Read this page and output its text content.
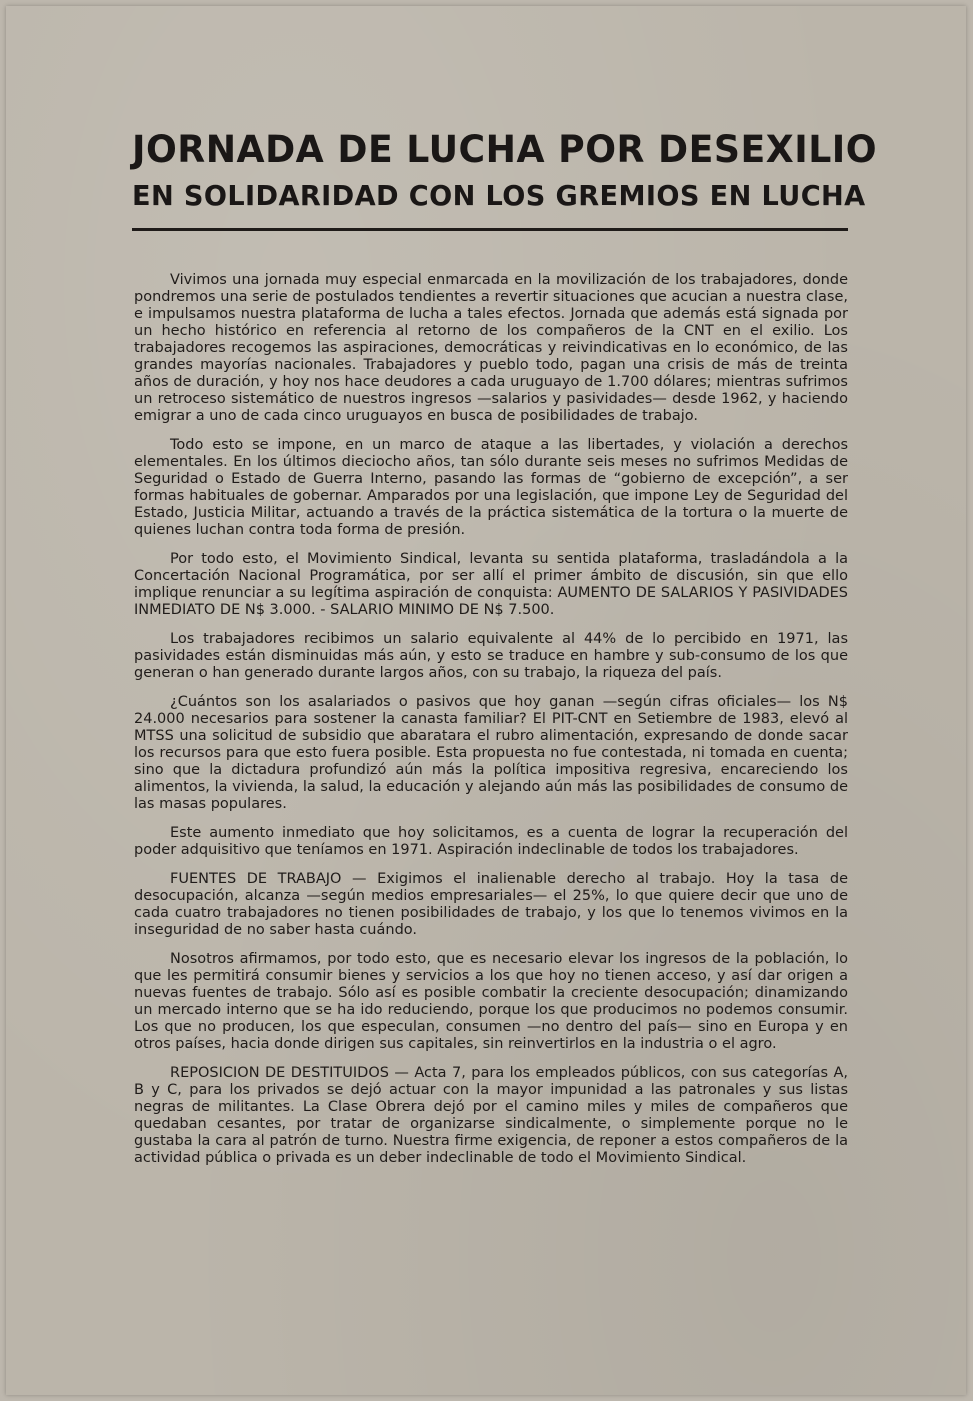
JORNADA DE LUCHA POR DESEXILIO
EN SOLIDARIDAD CON LOS GREMIOS EN LUCHA

Vivimos una jornada muy especial enmarcada en la movilización de los trabajadores, donde pondremos una serie de postulados tendientes a revertir situaciones que acucian a nuestra clase, e impulsamos nuestra plataforma de lucha a tales efectos. Jornada que además está signada por un hecho histórico en referencia al retorno de los compañeros de la CNT en el exilio. Los trabajadores recogemos las aspiraciones, democráticas y reivindicativas en lo económico, de las grandes mayorías nacionales. Trabajadores y pueblo todo, pagan una crisis de más de treinta años de duración, y hoy nos hace deudores a cada uruguayo de 1.700 dólares; mientras sufrimos un retroceso sistemático de nuestros ingresos —salarios y pasividades— desde 1962, y haciendo emigrar a uno de cada cinco uruguayos en busca de posibilidades de trabajo.

Todo esto se impone, en un marco de ataque a las libertades, y violación a derechos elementales. En los últimos dieciocho años, tan sólo durante seis meses no sufrimos Medidas de Seguridad o Estado de Guerra Interno, pasando las formas de “gobierno de excepción”, a ser formas habituales de gobernar. Amparados por una legislación, que impone Ley de Seguridad del Estado, Justicia Militar, actuando a través de la práctica sistemática de la tortura o la muerte de quienes luchan contra toda forma de presión.

Por todo esto, el Movimiento Sindical, levanta su sentida plataforma, trasladándola a la Concertación Nacional Programática, por ser allí el primer ámbito de discusión, sin que ello implique renunciar a su legítima aspiración de conquista: AUMENTO DE SALARIOS Y PASIVIDADES INMEDIATO DE N$ 3.000. - SALARIO MINIMO DE N$ 7.500.

Los trabajadores recibimos un salario equivalente al 44% de lo percibido en 1971, las pasividades están disminuidas más aún, y esto se traduce en hambre y sub-consumo de los que generan o han generado durante largos años, con su trabajo, la riqueza del país.

¿Cuántos son los asalariados o pasivos que hoy ganan —según cifras oficiales— los N$ 24.000 necesarios para sostener la canasta familiar? El PIT-CNT en Setiembre de 1983, elevó al MTSS una solicitud de subsidio que abaratara el rubro alimentación, expresando de donde sacar los recursos para que esto fuera posible. Esta propuesta no fue contestada, ni tomada en cuenta; sino que la dictadura profundizó aún más la política impositiva regresiva, encareciendo los alimentos, la vivienda, la salud, la educación y alejando aún más las posibilidades de consumo de las masas populares.

Este aumento inmediato que hoy solicitamos, es a cuenta de lograr la recuperación del poder adquisitivo que teníamos en 1971. Aspiración indeclinable de todos los trabajadores.

FUENTES DE TRABAJO — Exigimos el inalienable derecho al trabajo. Hoy la tasa de desocupación, alcanza —según medios empresariales— el 25%, lo que quiere decir que uno de cada cuatro trabajadores no tienen posibilidades de trabajo, y los que lo tenemos vivimos en la inseguridad de no saber hasta cuándo.

Nosotros afirmamos, por todo esto, que es necesario elevar los ingresos de la población, lo que les permitirá consumir bienes y servicios a los que hoy no tienen acceso, y así dar origen a nuevas fuentes de trabajo. Sólo así es posible combatir la creciente desocupación; dinamizando un mercado interno que se ha ido reduciendo, porque los que producimos no podemos consumir. Los que no producen, los que especulan, consumen —no dentro del país— sino en Europa y en otros países, hacia donde dirigen sus capitales, sin reinvertirlos en la industria o el agro.

REPOSICION DE DESTITUIDOS — Acta 7, para los empleados públicos, con sus categorías A, B y C, para los privados se dejó actuar con la mayor impunidad a las patronales y sus listas negras de militantes. La Clase Obrera dejó por el camino miles y miles de compañeros que quedaban cesantes, por tratar de organizarse sindicalmente, o simplemente porque no le gustaba la cara al patrón de turno. Nuestra firme exigencia, de reponer a estos compañeros de la actividad pública o privada es un deber indeclinable de todo el Movimiento Sindical.
